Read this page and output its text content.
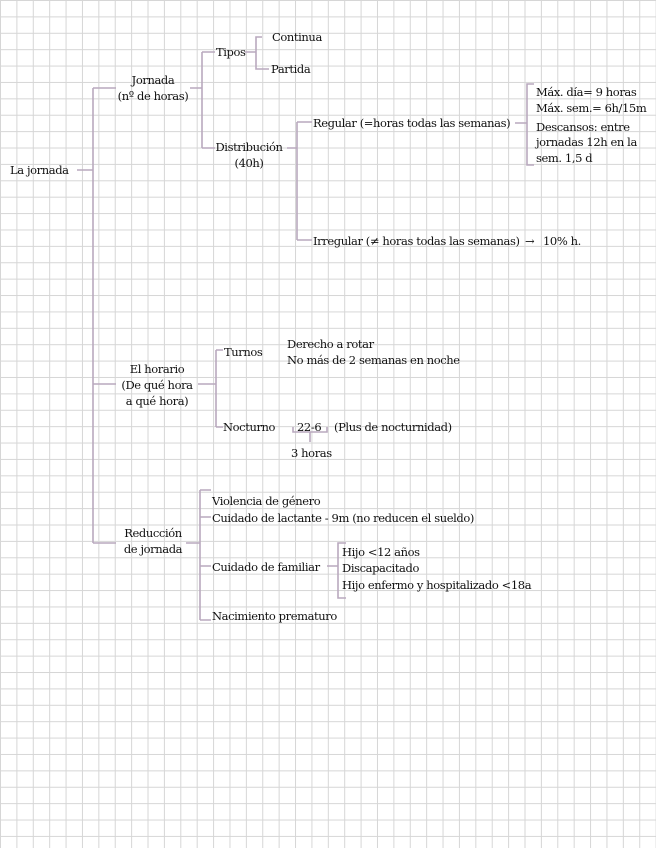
La jornada
Jornada
(nº de horas)
Tipos
Continua
Partida
Distribución
(40h)
Regular (=horas todas las semanas)
Máx. día= 9 horas
Máx. sem.= 6h/15m
Descansos: entre
jornadas 12h en la
sem. 1,5 d
Irregular (≠ horas todas las semanas) → 10% h.
El horario
(De qué hora
a qué hora)
Turnos
Derecho a rotar
No más de 2 semanas en noche
Nocturno 22-6 (Plus de nocturnidad)
3 horas
Reducción
de jornada
Violencia de género
Cuidado de lactante - 9m (no reducen el sueldo)
Cuidado de familiar
Nacimiento prematuro
Hijo <12 años
Discapacitado
Hijo enfermo y hospitalizado <18a
